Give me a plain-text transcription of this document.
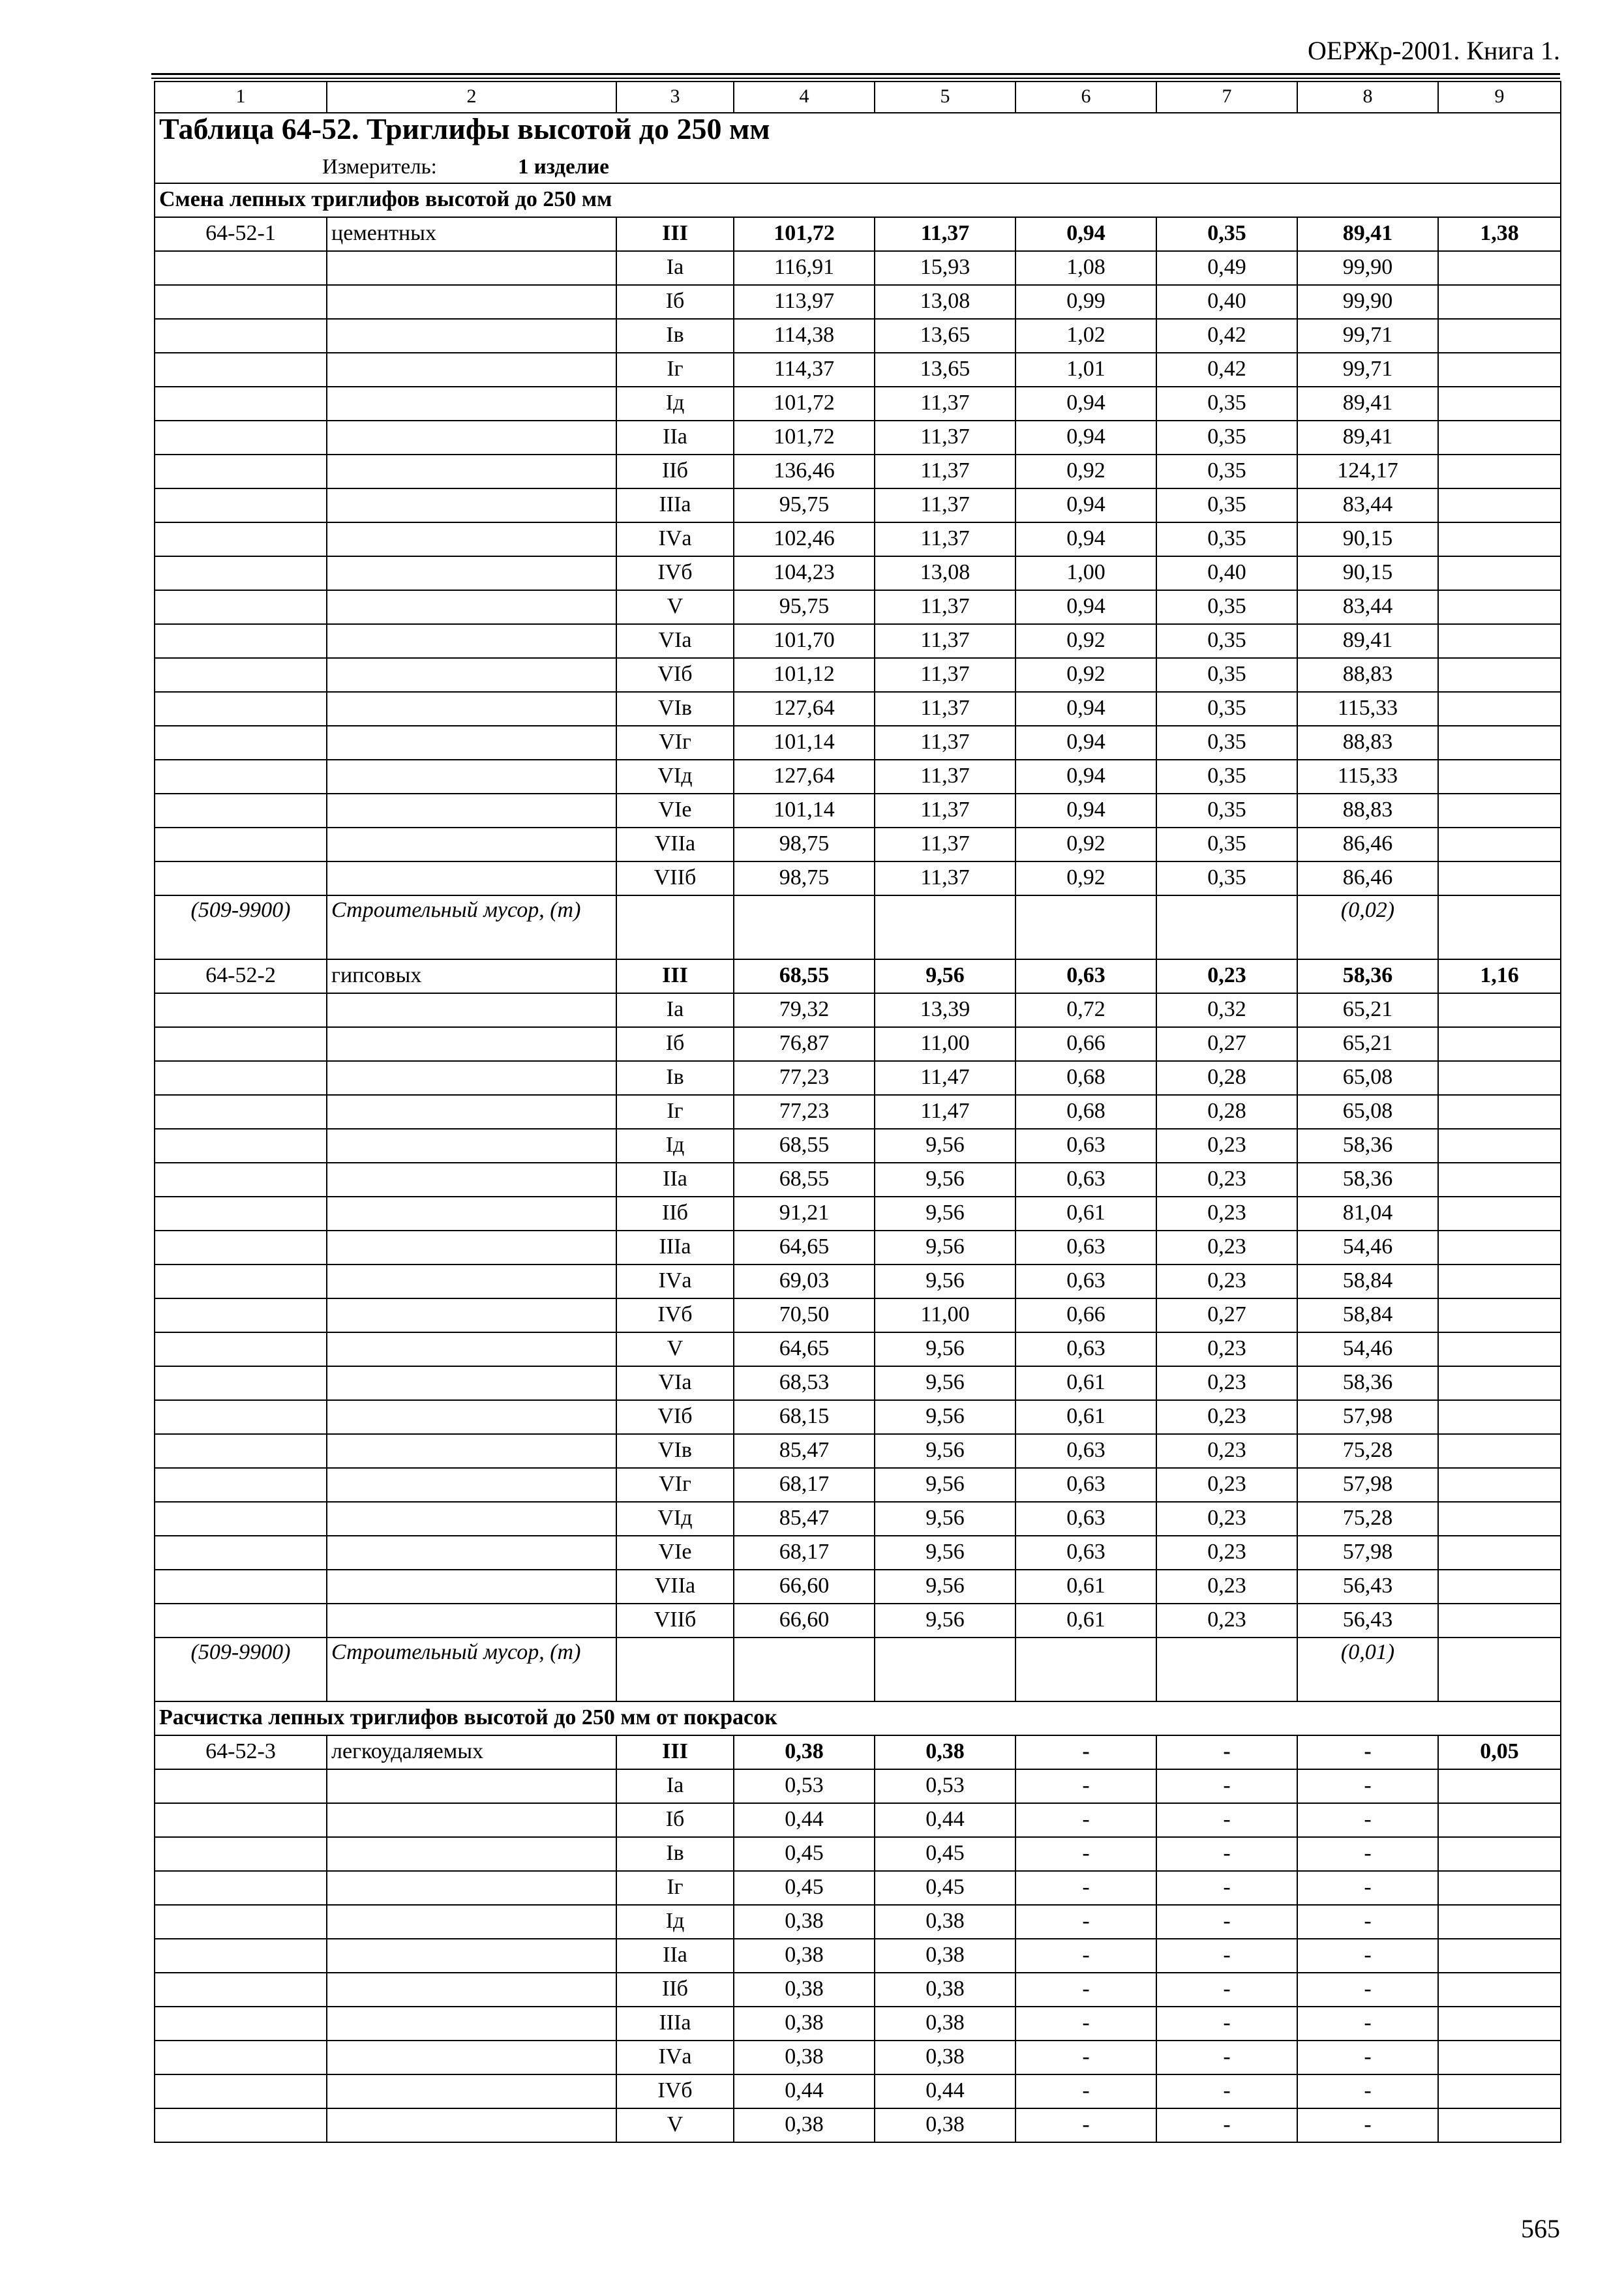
ОЕРЖр-2001. Книга 1.
1	2	3	4	5	6	7	8	9

Таблица 64-52. Триглифы высотой до 250 мм
Измеритель: 1 изделие								

Смена лепных триглифов высотой до 250 мм								
64-52-1	цементных	III	101,72	11,37	0,94	0,35	89,41	1,38
		Iа	116,91	15,93	1,08	0,49	99,90	
		Iб	113,97	13,08	0,99	0,40	99,90	
		Iв	114,38	13,65	1,02	0,42	99,71	
		Iг	114,37	13,65	1,01	0,42	99,71	
		Iд	101,72	11,37	0,94	0,35	89,41	
		IIа	101,72	11,37	0,94	0,35	89,41	
		IIб	136,46	11,37	0,92	0,35	124,17	
		IIIа	95,75	11,37	0,94	0,35	83,44	
		IVа	102,46	11,37	0,94	0,35	90,15	
		IVб	104,23	13,08	1,00	0,40	90,15	
		V	95,75	11,37	0,94	0,35	83,44	
		VIа	101,70	11,37	0,92	0,35	89,41	
		VIб	101,12	11,37	0,92	0,35	88,83	
		VIв	127,64	11,37	0,94	0,35	115,33	
		VIг	101,14	11,37	0,94	0,35	88,83	
		VIд	127,64	11,37	0,94	0,35	115,33	
		VIе	101,14	11,37	0,94	0,35	88,83	
		VIIа	98,75	11,37	0,92	0,35	86,46	
		VIIб	98,75	11,37	0,92	0,35	86,46	
(509-9900)	Строительный мусор, (т)						(0,02)	
64-52-2	гипсовых	III	68,55	9,56	0,63	0,23	58,36	1,16
		Iа	79,32	13,39	0,72	0,32	65,21	
		Iб	76,87	11,00	0,66	0,27	65,21	
		Iв	77,23	11,47	0,68	0,28	65,08	
		Iг	77,23	11,47	0,68	0,28	65,08	
		Iд	68,55	9,56	0,63	0,23	58,36	
		IIа	68,55	9,56	0,63	0,23	58,36	
		IIб	91,21	9,56	0,61	0,23	81,04	
		IIIа	64,65	9,56	0,63	0,23	54,46	
		IVа	69,03	9,56	0,63	0,23	58,84	
		IVб	70,50	11,00	0,66	0,27	58,84	
		V	64,65	9,56	0,63	0,23	54,46	
		VIа	68,53	9,56	0,61	0,23	58,36	
		VIб	68,15	9,56	0,61	0,23	57,98	
		VIв	85,47	9,56	0,63	0,23	75,28	
		VIг	68,17	9,56	0,63	0,23	57,98	
		VIд	85,47	9,56	0,63	0,23	75,28	
		VIе	68,17	9,56	0,63	0,23	57,98	
		VIIа	66,60	9,56	0,61	0,23	56,43	
		VIIб	66,60	9,56	0,61	0,23	56,43	
(509-9900)	Строительный мусор, (т)						(0,01)	
Расчистка лепных триглифов высотой до 250 мм от покрасок								
64-52-3	легкоудаляемых	III	0,38	0,38	-	-	-	0,05
		Iа	0,53	0,53	-	-	-	
		Iб	0,44	0,44	-	-	-	
		Iв	0,45	0,45	-	-	-	
		Iг	0,45	0,45	-	-	-	
		Iд	0,38	0,38	-	-	-	
		IIа	0,38	0,38	-	-	-	
		IIб	0,38	0,38	-	-	-	
		IIIа	0,38	0,38	-	-	-	
		IVа	0,38	0,38	-	-	-	
		IVб	0,44	0,44	-	-	-	
		V	0,38	0,38	-	-	-	
565
